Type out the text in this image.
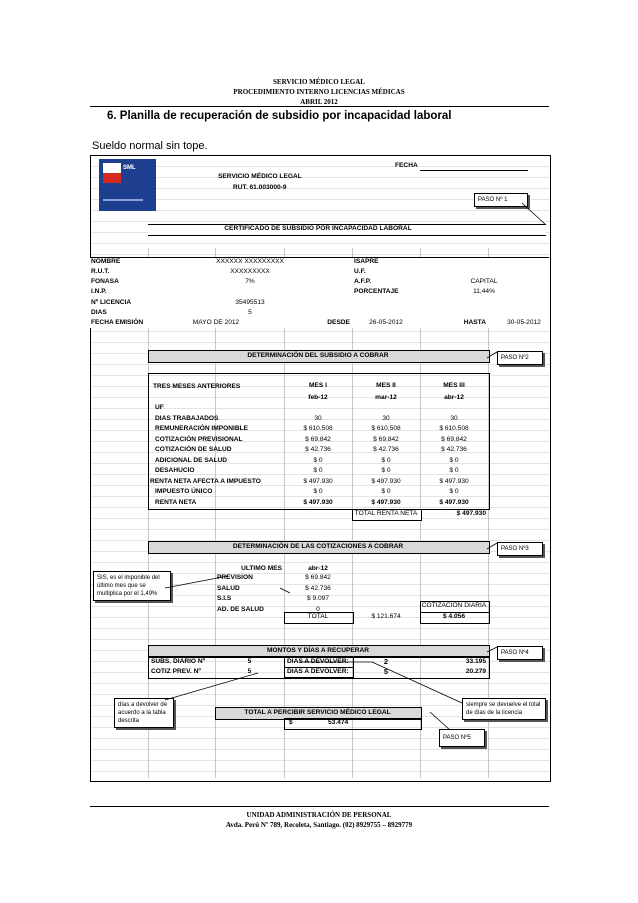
SERVICIO MÉDICO LEGAL
PROCEDIMIENTO INTERNO LICENCIAS MÉDICAS
ABRIL 2012
6. Planilla de recuperación de subsidio por incapacidad laboral
Sueldo normal sin tope.
SML	FECHA
SERVICIO MÉDICO LEGAL
RUT. 61.003000-9
PASO Nº 1
CERTIFICADO DE SUBSIDIO POR INCAPACIDAD LABORAL
NOMBRE	XXXXXX XXXXXXXXX
R.U.T.	XXXXXXXXX
FONASA	7%
I.N.P.
Nº LICENCIA	35495513
DIAS	5
FECHA EMISIÓN	MAYO DE 2012	DESDE	26-05-2012	HASTA	30-05-2012
ISAPRE
U.F.
A.F.P.	CAPITAL
PORCENTAJE	11,44%
DETERMINACIÓN DEL SUBSIDIO A COBRAR	PASO Nº2
TRES MESES ANTERIORES	MES I	MES II	MES III
feb-12	mar-12	abr-12
UF
DIAS TRABAJADOS	30	30	30
REMUNERACIÓN IMPONIBLE	$ 610.508	$ 610.508	$ 610.508
COTIZACIÓN PREVISIONAL	$ 69.842	$ 69.842	$ 69.842
COTIZACIÓN DE SALUD	$ 42.736	$ 42.736	$ 42.736
ADICIONAL DE SALUD	$ 0	$ 0	$ 0
DESAHUCIO	$ 0	$ 0	$ 0
RENTA NETA AFECTA A IMPUESTO	$ 497.930	$ 497.930	$ 497.930
IMPUESTO ÚNICO	$ 0	$ 0	$ 0
RENTA NETA	$ 497.930	$ 497.930	$ 497.930
TOTAL RENTA NETA	$ 497.930
DETERMINACIÓN DE LAS COTIZACIONES A COBRAR	PASO Nº3
ULTIMO MES	abr-12
PREVISION	$ 69.842
SALUD	$ 42.736
S.I.S	$ 9.097
AD. DE SALUD	0
TOTAL	$ 121.674
COTIZACIÓN DIARIA
$ 4.056
SIS, es el imponible del último mes que se multiplica por el 1,49%
MONTOS Y DÍAS A RECUPERAR	PASO Nº4
SUBS. DIARIO Nº	5	DIAS A DEVOLVER:	2	33.195
COTIZ PREV. Nº	5	DIAS A DEVOLVER:	5	20.279
días a devolver de acuerdo a la tabla descrita
siempre se devuelve el total de días de la licencia
TOTAL A PERCIBIR SERVICIO MÉDICO LEGAL
$	53.474
PASO Nº5
UNIDAD ADMINISTRACIÓN DE PERSONAL
Avda. Perú Nº 789, Recoleta, Santiago. (02) 8929755 – 8929779
